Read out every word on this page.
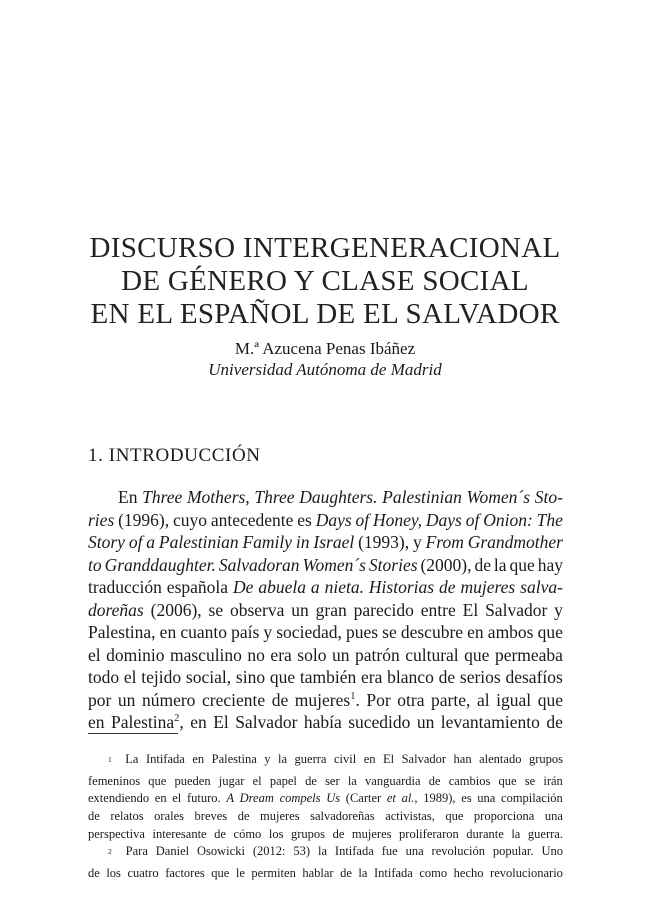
DISCURSO INTERGENERACIONAL
DE GÉNERO Y CLASE SOCIAL
EN EL ESPAÑOL DE EL SALVADOR
M.ª Azucena Penas Ibáñez
Universidad Autónoma de Madrid
1. INTRODUCCIÓN
En Three Mothers, Three Daughters. Palestinian Women´s Sto-
ries (1996), cuyo antecedente es Days of Honey, Days of Onion: The
Story of a Palestinian Family in Israel (1993), y From Grandmother
to Granddaughter. Salvadoran Women´s Stories (2000), de la que hay
traducción española De abuela a nieta. Historias de mujeres salva-
doreñas (2006), se observa un gran parecido entre El Salvador y
Palestina, en cuanto país y sociedad, pues se descubre en ambos que
el dominio masculino no era solo un patrón cultural que permeaba
todo el tejido social, sino que también era blanco de serios desafíos
por un número creciente de mujeres$^1$. Por otra parte, al igual que
en Palestina$^2$, en El Salvador había sucedido un levantamiento de
$^1$	La Intifada en Palestina y la guerra civil en El Salvador han alentado grupos
femeninos que pueden jugar el papel de ser la vanguardia de cambios que se irán
extendiendo en el futuro. A Dream compels Us (Carter et al., 1989), es una compilación
de relatos orales breves de mujeres salvadoreñas activistas, que proporciona una
perspectiva interesante de cómo los grupos de mujeres proliferaron durante la guerra.
$^2$	Para Daniel Osowicki (2012: 53) la Intifada fue una revolución popular. Uno
de los cuatro factores que le permiten hablar de la Intifada como hecho revolucionario
